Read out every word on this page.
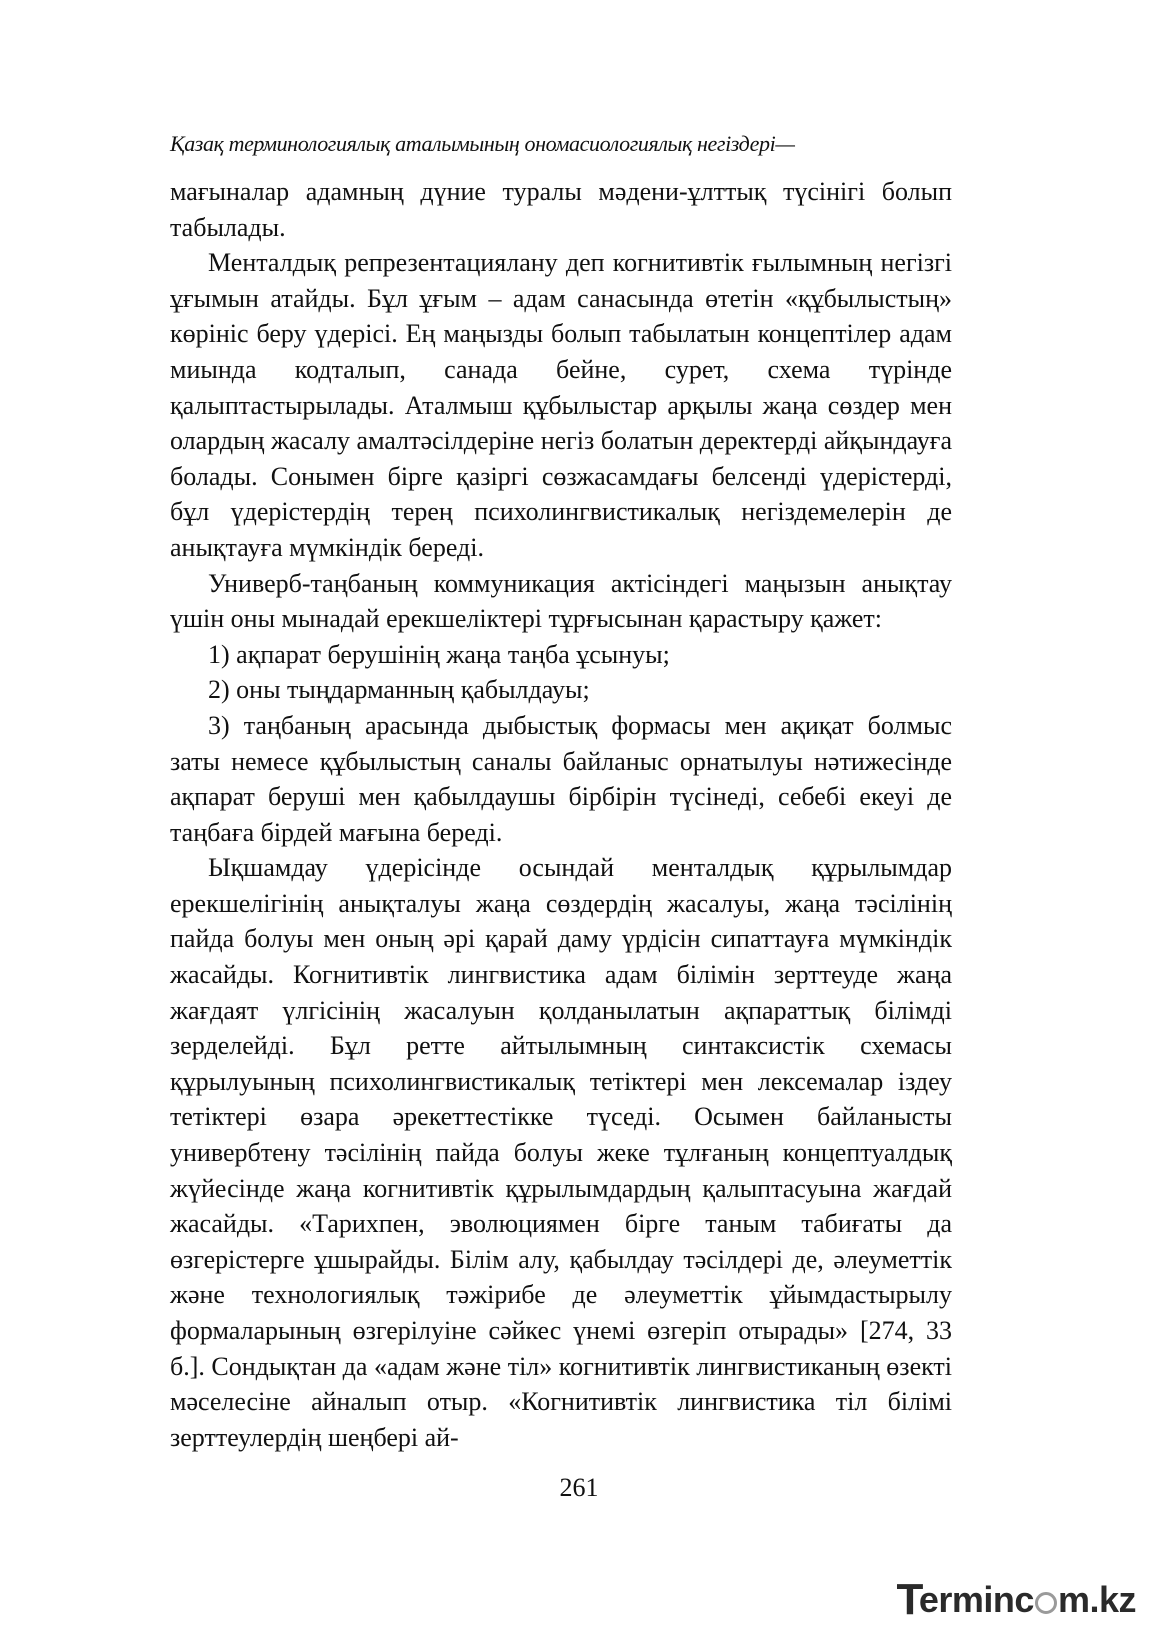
Қазақ терминологиялық аталымының ономасиологиялық негіздері—

мағыналар адамның дүние туралы мәдени-ұлттық түсінігі болып табылады.

Менталдық репрезентациялану деп когнитивтік ғылымның негізгі ұғымын атайды. Бұл ұғым – адам санасында өтетін «құбылыстың» көрініс беру үдерісі. Ең маңызды болып табылатын концептілер адам миында кодталып, санада бейне, сурет, схема түрінде қалыптастырылады. Аталмыш құбылыстар арқылы жаңа сөздер мен олардың жасалу амалтәсілдеріне негіз болатын деректерді айқындауға болады. Сонымен бірге қазіргі сөзжасамдағы белсенді үдерістерді, бұл үдерістердің терең психолингвистикалық негіздемелерін де анықтауға мүмкіндік береді.

Универб-таңбаның коммуникация актісіндегі маңызын анықтау үшін оны мынадай ерекшеліктері тұрғысынан қарастыру қажет:

1) ақпарат берушінің жаңа таңба ұсынуы;

2) оны тыңдарманның қабылдауы;

3) таңбаның арасында дыбыстық формасы мен ақиқат болмыс заты немесе құбылыстың саналы байланыс орнатылуы нәтижесінде ақпарат беруші мен қабылдаушы бірбірін түсінеді, себебі екеуі де таңбаға бірдей мағына береді.

Ықшамдау үдерісінде осындай менталдық құрылымдар ерекшелігінің анықталуы жаңа сөздердің жасалуы, жаңа тәсілінің пайда болуы мен оның әрі қарай даму үрдісін сипаттауға мүмкіндік жасайды. Когнитивтік лингвистика адам білімін зерттеуде жаңа жағдаят үлгісінің жасалуын қолданылатын ақпараттық білімді зерделейді. Бұл ретте айтылымның синтаксистік схемасы құрылуының психолингвистикалық тетіктері мен лексемалар іздеу тетіктері өзара әрекеттестікке түседі. Осымен байланысты универбтену тәсілінің пайда болуы жеке тұлғаның концептуалдық жүйесінде жаңа когнитивтік құрылымдардың қалыптасуына жағдай жасайды. «Тарихпен, эволюциямен бірге таным табиғаты да өзгерістерге ұшырайды. Білім алу, қабылдау тәсілдері де, әлеуметтік және технологиялық тәжірибе де әлеуметтік ұйымдастырылу формаларының өзгерілуіне сәйкес үнемі өзгеріп отырады» [274, 33 б.]. Сондықтан да «адам және тіл» когнитивтік лингвистиканың өзекті мәселесіне айналып отыр. «Когнитивтік лингвистика тіл білімі зерттеулердің шеңбері ай-

261
T
erminc m.kz
